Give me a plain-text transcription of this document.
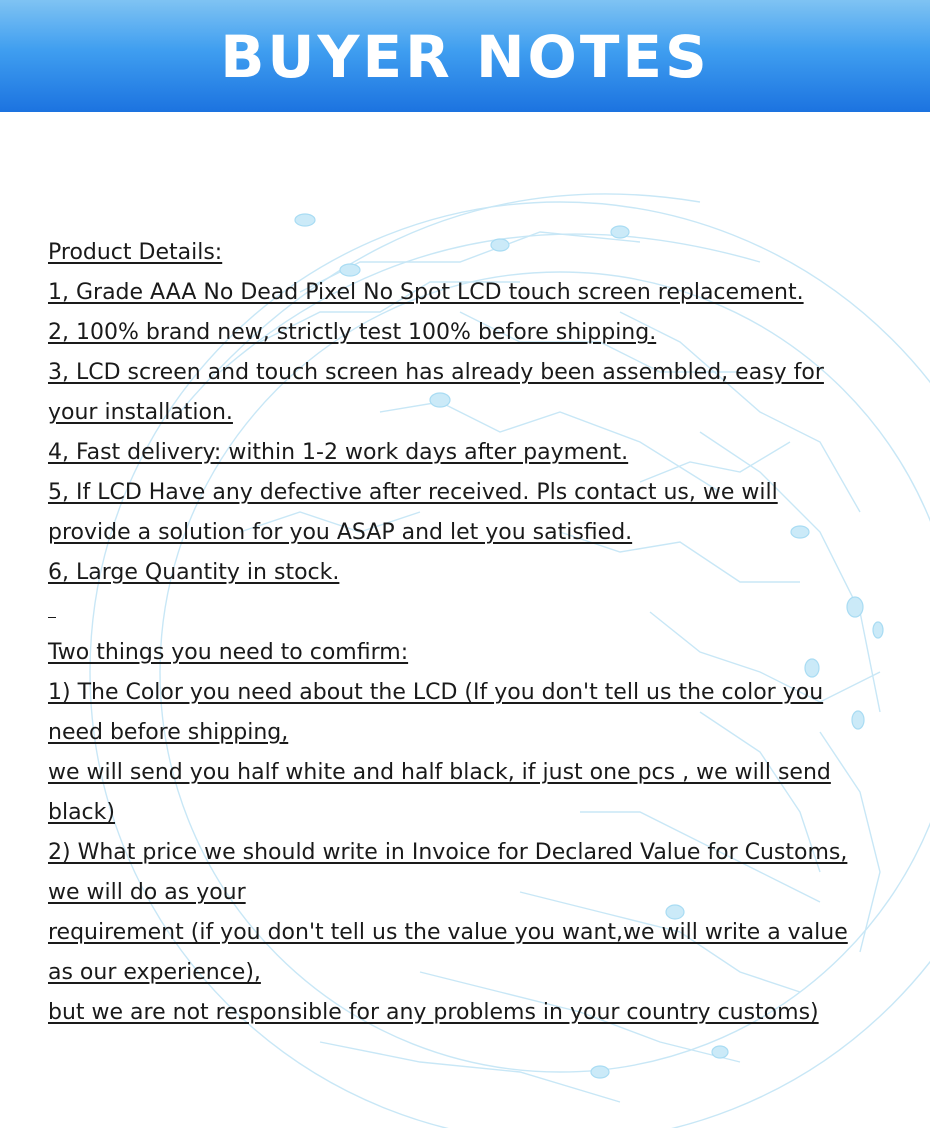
BUYER NOTES
Product Details:
1, Grade AAA No Dead Pixel No Spot LCD touch screen replacement.
2, 100% brand new, strictly test 100% before shipping.
3, LCD screen and touch screen has already been assembled, easy for
your installation.
4, Fast delivery: within 1-2 work days after payment.
5, If LCD Have any defective after received. Pls contact us, we will
provide a solution for you ASAP and let you satisfied.
6, Large Quantity in stock.
Two things you need to comfirm:
1) The Color you need about the LCD (If you don't tell us the color you
need before shipping,
we will send you half white and half black, if just one pcs , we will send
black)
2) What price we should write in Invoice for Declared Value for Customs,
we will do as your
requirement (if you don't tell us the value you want,we will write a value
as our experience),
but we are not responsible for any problems in your country customs)
